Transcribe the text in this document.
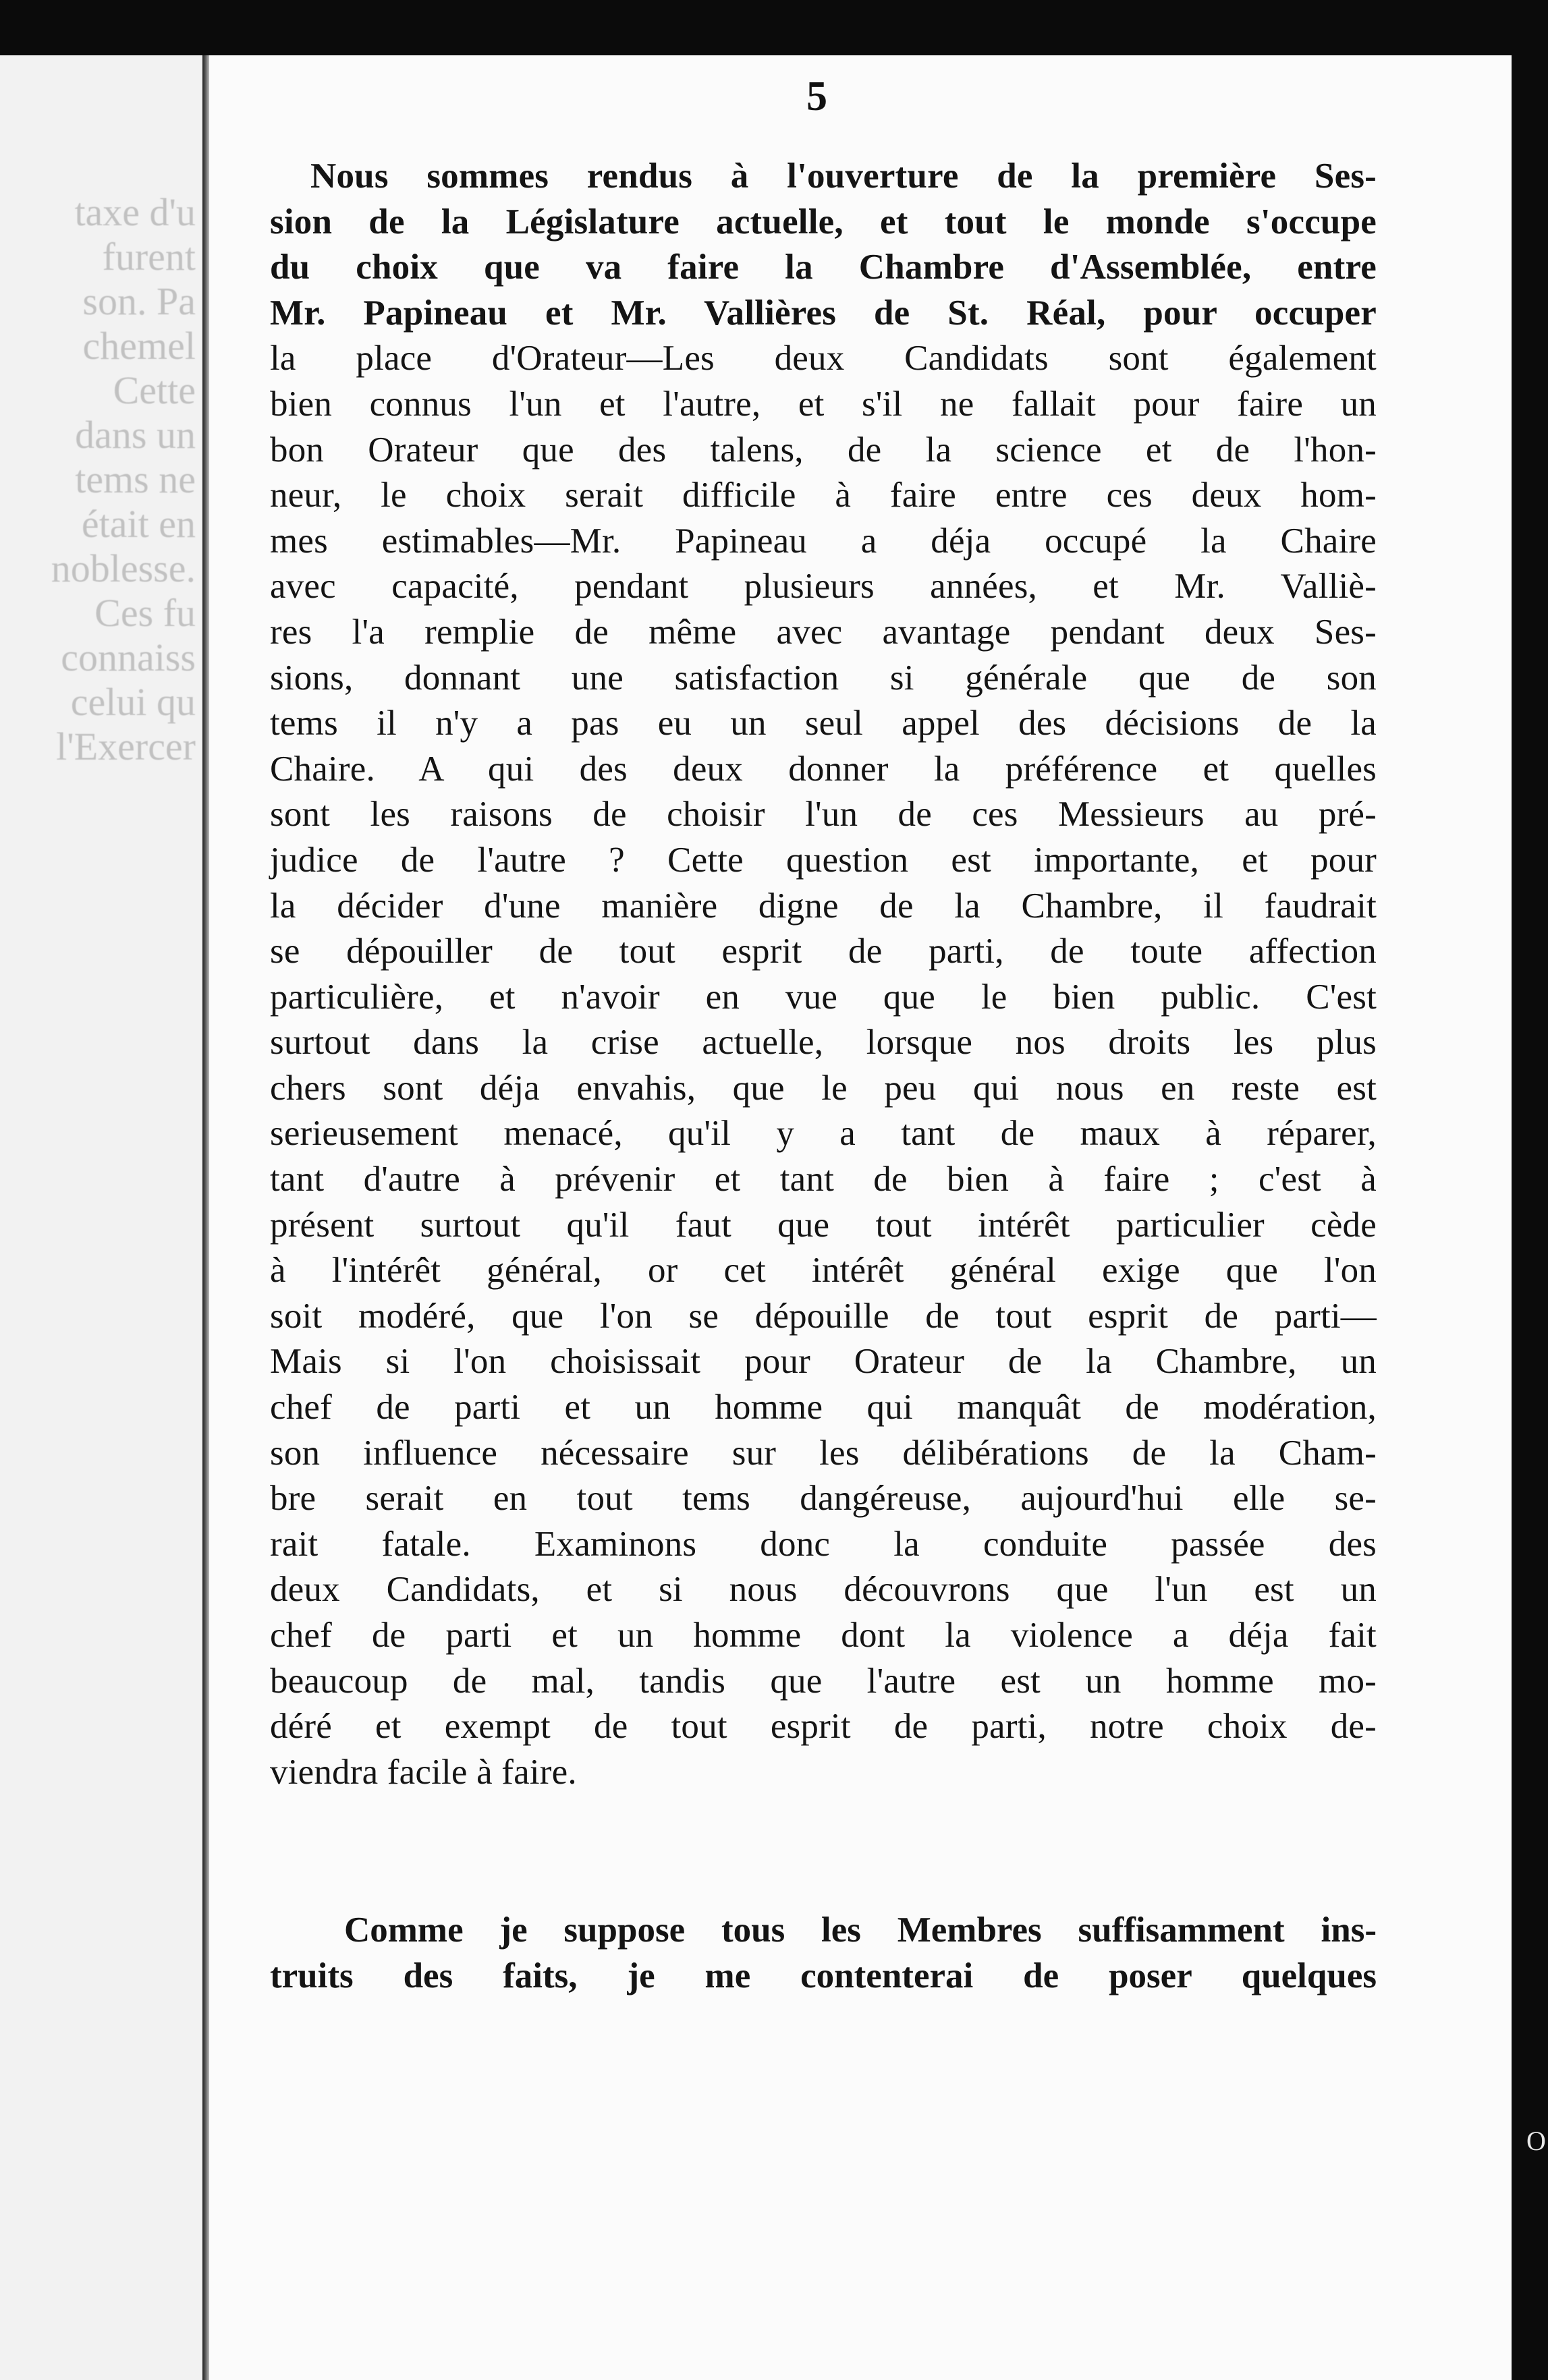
taxe d'u
furent
son. Pa
chemel
Cette
dans un
tems ne
était en
noblesse.
Ces fu
connaiss
celui qu
l'Exercer
5
Nous sommes rendus à l'ouverture de la première Ses-
sion de la Législature actuelle, et tout le monde s'occupe
du choix que va faire la Chambre d'Assemblée, entre
Mr. Papineau et Mr. Vallières de St. Réal, pour occuper
la place d'Orateur—Les deux Candidats sont également
bien connus l'un et l'autre, et s'il ne fallait pour faire un
bon Orateur que des talens, de la science et de l'hon-
neur, le choix serait difficile à faire entre ces deux hom-
mes estimables—Mr. Papineau a déja occupé la Chaire
avec capacité, pendant plusieurs années, et Mr. Valliè-
res l'a remplie de même avec avantage pendant deux Ses-
sions, donnant une satisfaction si générale que de son
tems il n'y a pas eu un seul appel des décisions de la
Chaire. A qui des deux donner la préférence et quelles
sont les raisons de choisir l'un de ces Messieurs au pré-
judice de l'autre ? Cette question est importante, et pour
la décider d'une manière digne de la Chambre, il faudrait
se dépouiller de tout esprit de parti, de toute affection
particulière, et n'avoir en vue que le bien public. C'est
surtout dans la crise actuelle, lorsque nos droits les plus
chers sont déja envahis, que le peu qui nous en reste est
serieusement menacé, qu'il y a tant de maux à réparer,
tant d'autre à prévenir et tant de bien à faire ; c'est à
présent surtout qu'il faut que tout intérêt particulier cède
à l'intérêt général, or cet intérêt général exige que l'on
soit modéré, que l'on se dépouille de tout esprit de parti—
Mais si l'on choisissait pour Orateur de la Chambre, un
chef de parti et un homme qui manquât de modération,
son influence nécessaire sur les délibérations de la Cham-
bre serait en tout tems dangéreuse, aujourd'hui elle se-
rait fatale. Examinons donc la conduite passée des
deux Candidats, et si nous découvrons que l'un est un
chef de parti et un homme dont la violence a déja fait
beaucoup de mal, tandis que l'autre est un homme mo-
déré et exempt de tout esprit de parti, notre choix de-
viendra facile à faire.
Comme je suppose tous les Membres suffisamment ins-
truits des faits, je me contenterai de poser quelques
O
